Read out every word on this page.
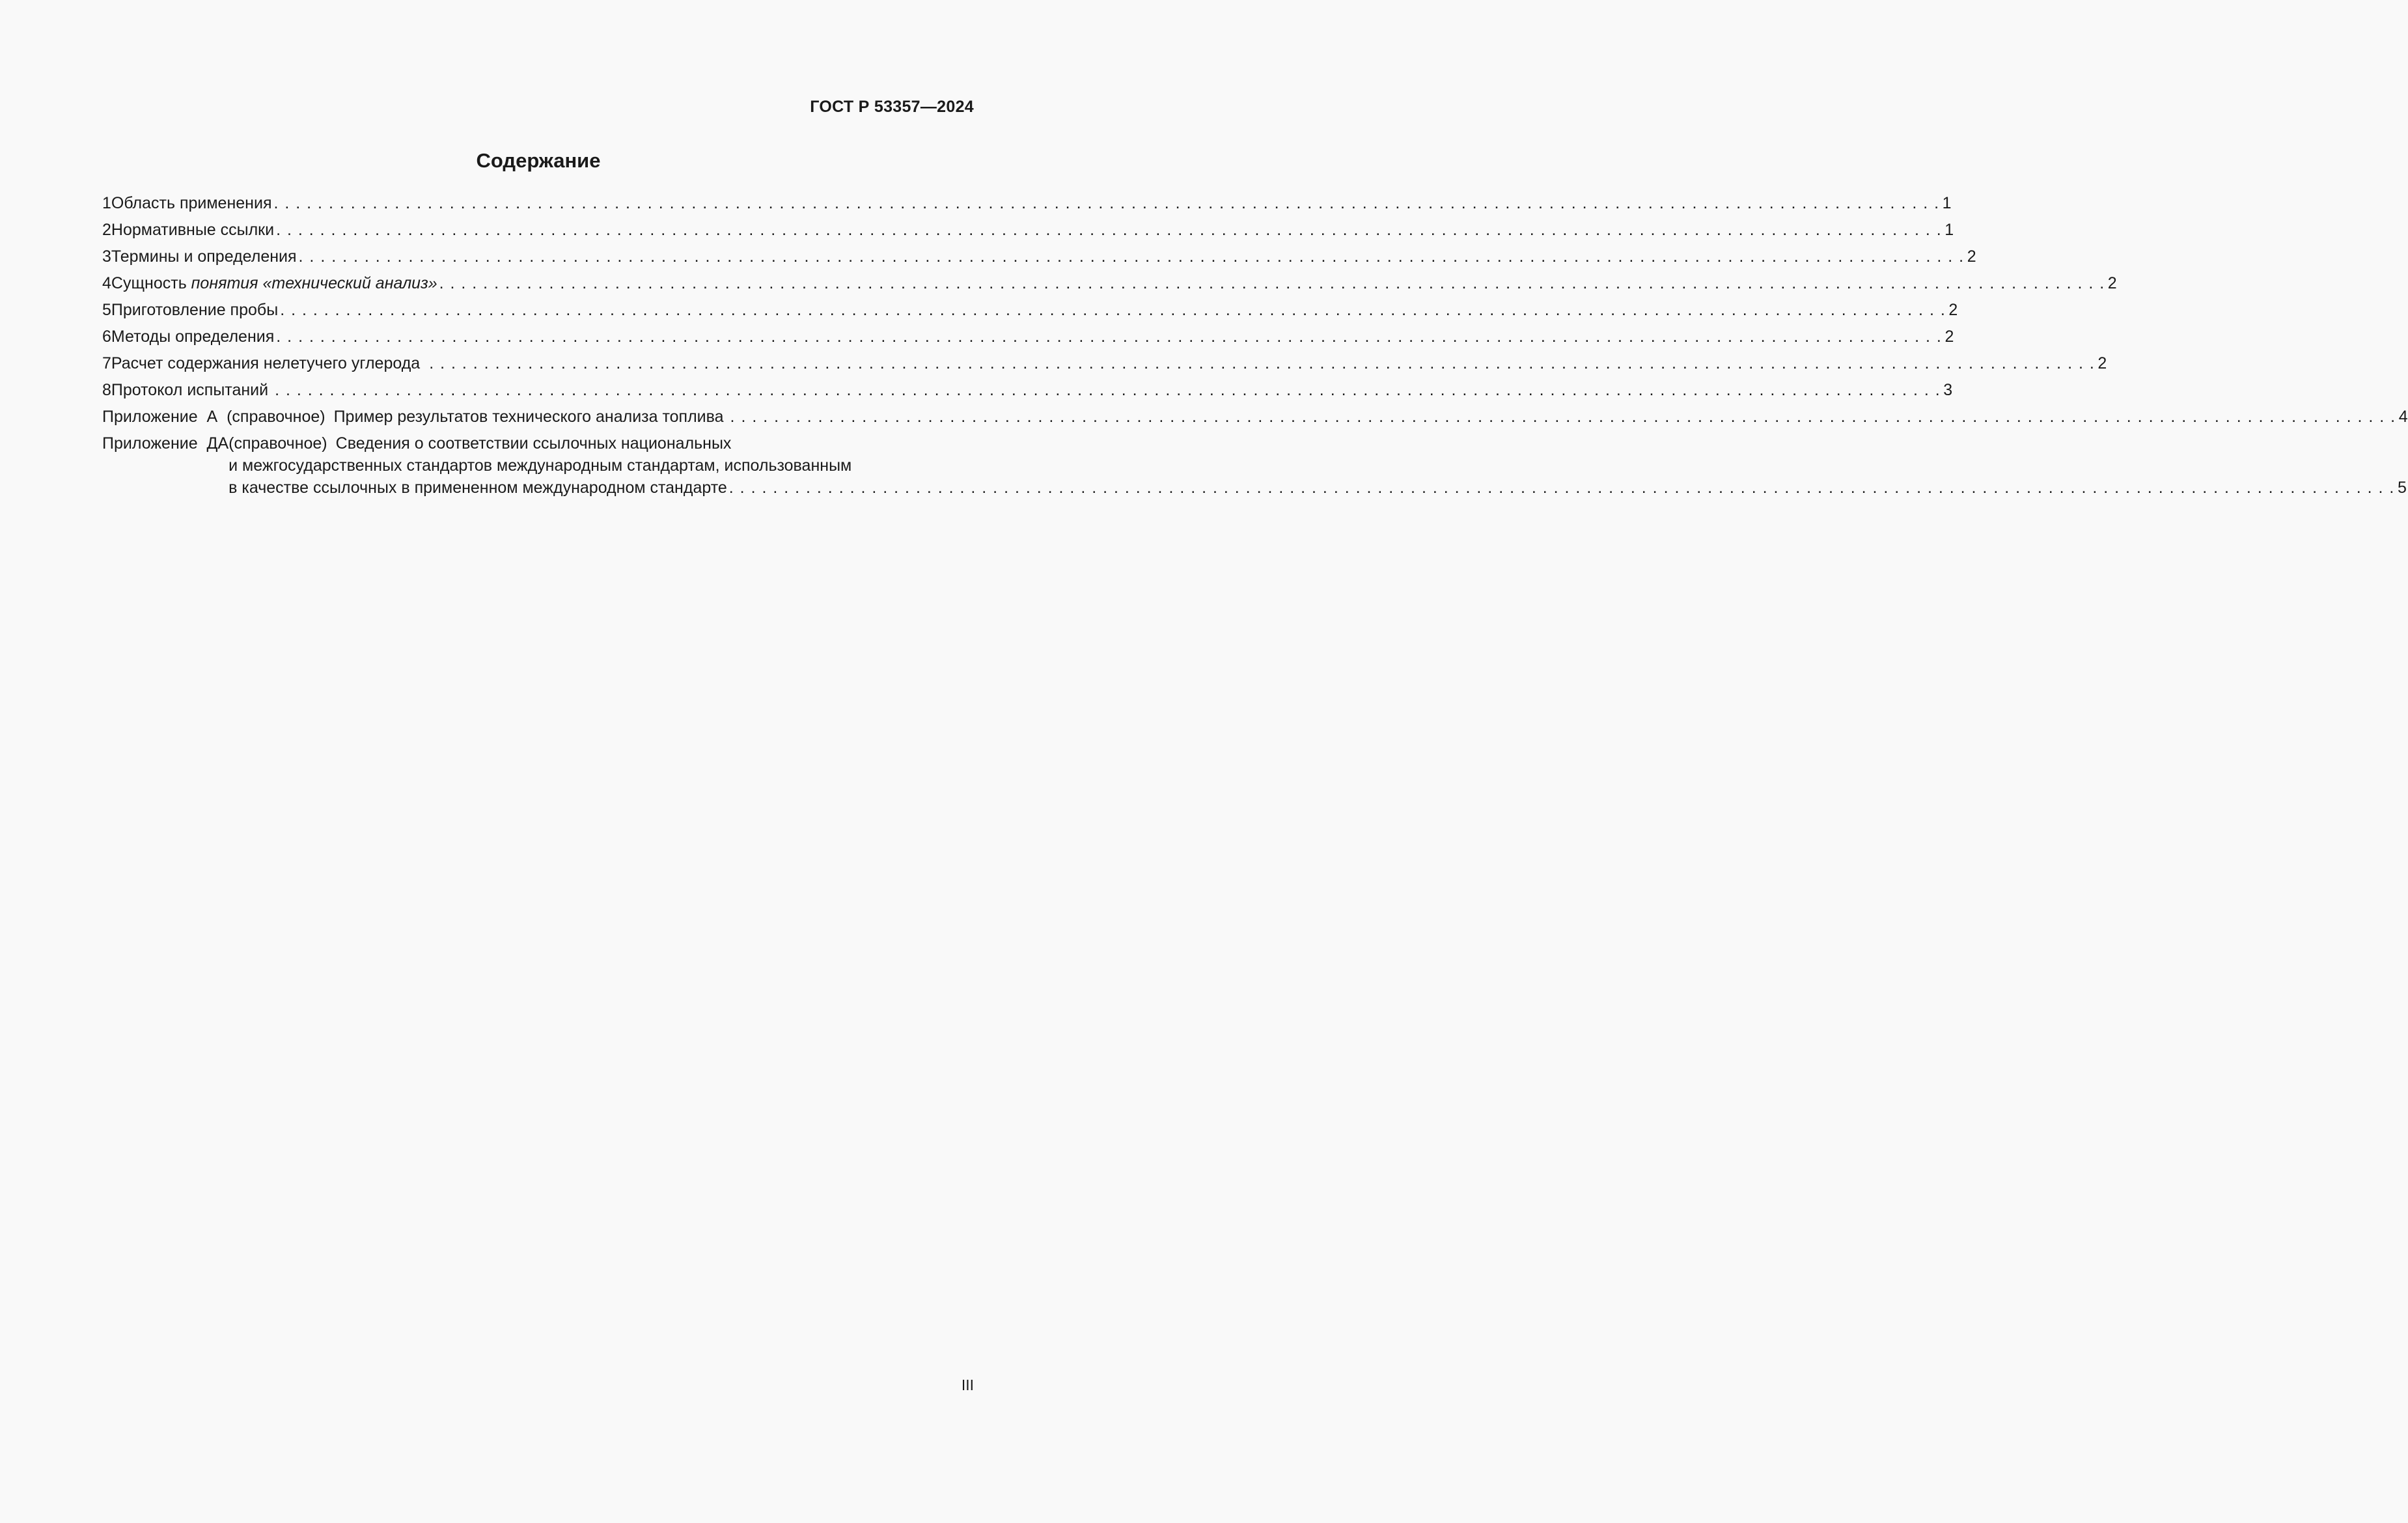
ГОСТ Р 53357—2024
Содержание
1 Область применения . . .	1
2 Нормативные ссылки . . .	1
3 Термины и определения . . .	2
4 Сущность понятия «технический анализ» . . .	2
5 Приготовление пробы . . .	2
6 Методы определения . . .	2
7 Расчет содержания нелетучего углерода . . .	2
8 Протокол испытаний . . .	3
Приложение  А  (справочное) Пример результатов технического анализа топлива . . .	4
Приложение  ДА (справочное) Сведения о соответствии ссылочных национальных
и межгосударственных стандартов международным стандартам, использованным
в качестве ссылочных в примененном международном стандарте . . .	5
III
